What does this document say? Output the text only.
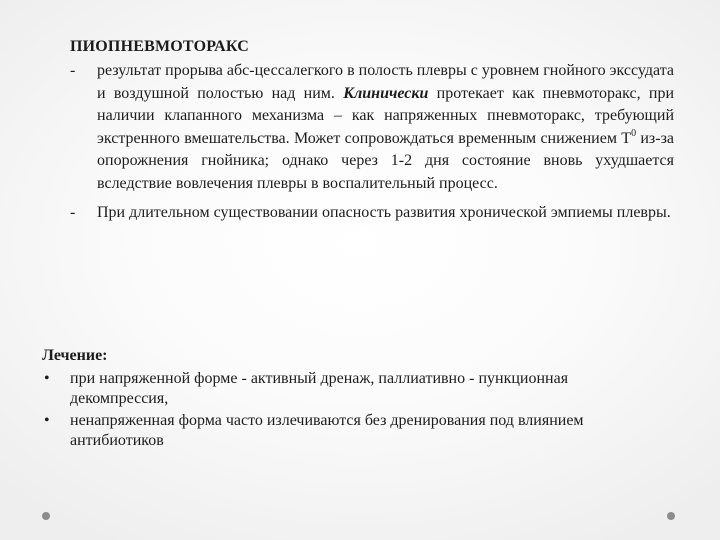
ПИОПНЕВМОТОРАКС
- результат прорыва абс-цессалегкого в полость плевры с уровнем гнойного экссудата и воздушной полостью над ним. Клинически протекает как пневмоторакс, при наличии клапанного механизма – как напряженных пневмоторакс, требующий экстренного вмешательства. Может сопровождаться временным снижением $Т^0$ из-за опорожнения гнойника; однако через 1-2 дня состояние вновь ухудшается вследствие вовлечения плевры в воспалительный процесс.
- При длительном существовании опасность развития хронической эмпиемы плевры.
Лечение:
• при напряженной форме - активный дренаж, паллиативно - пункционная декомпрессия,
• ненапряженная форма часто излечиваются без дренирования под влиянием антибиотиков
